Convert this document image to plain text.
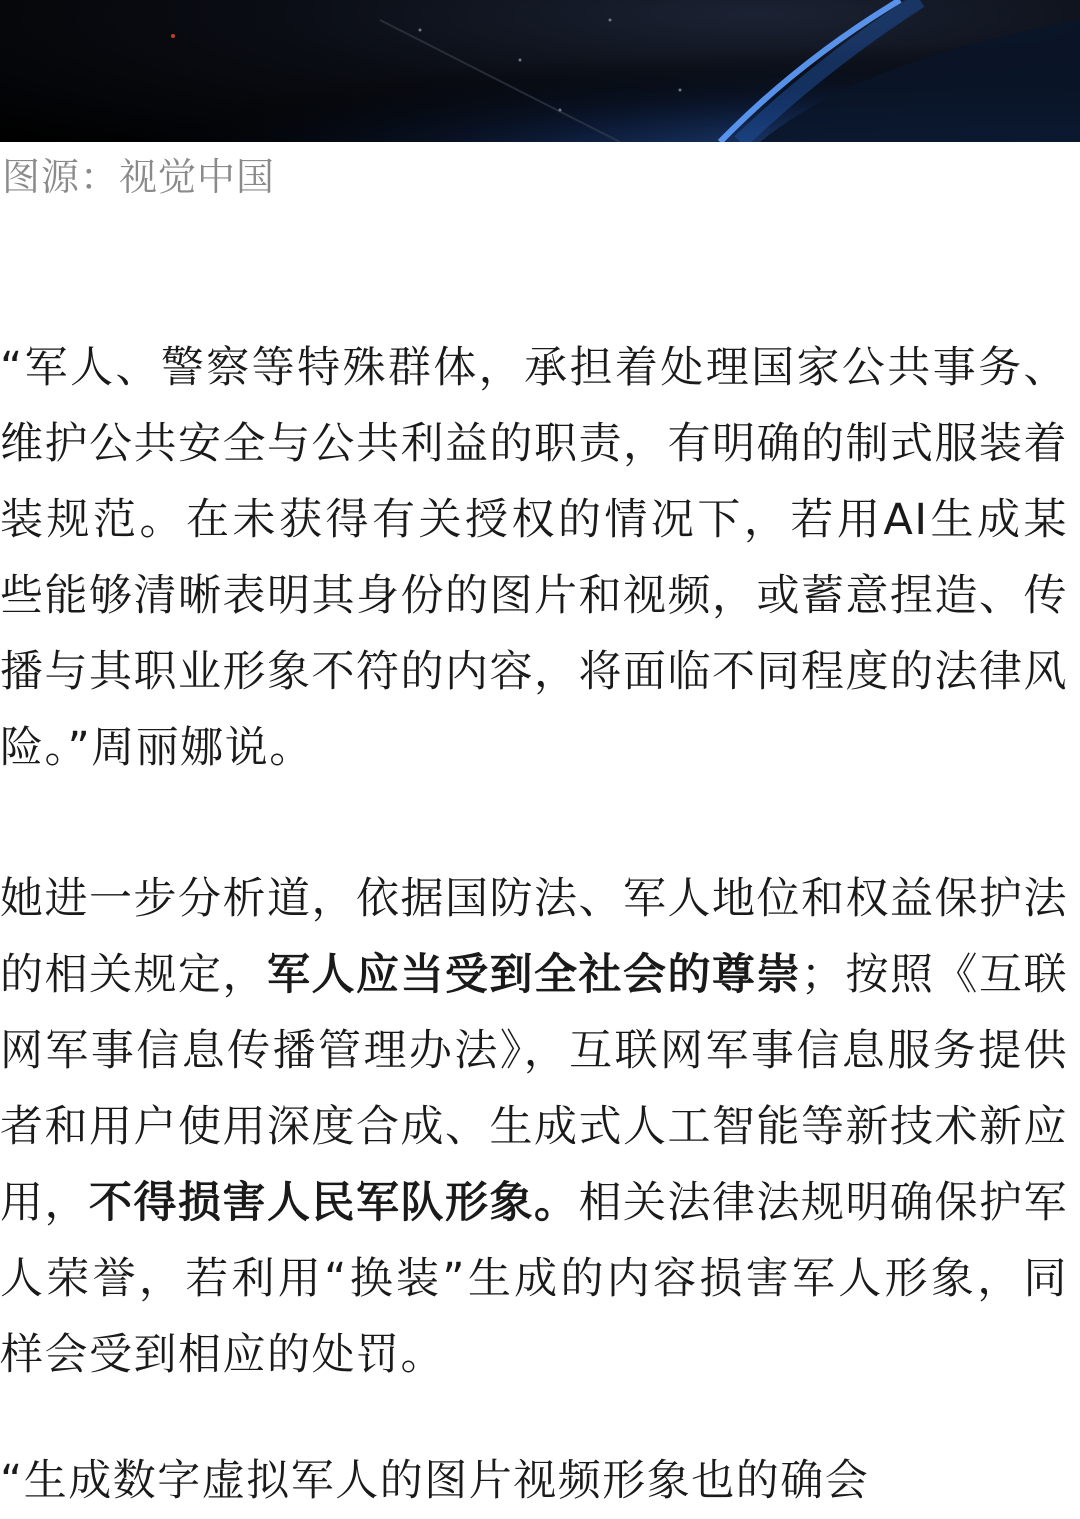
图源：视觉中国

“军人、警察等特殊群体，承担着处理国家公共事务、维护公共安全与公共利益的职责，有明确的制式服装着装规范。在未获得有关授权的情况下，若用AI生成某些能够清晰表明其身份的图片和视频，或蓄意捏造、传播与其职业形象不符的内容，将面临不同程度的法律风险。”周丽娜说。

她进一步分析道，依据国防法、军人地位和权益保护法的相关规定，军人应当受到全社会的尊崇；按照《互联网军事信息传播管理办法》，互联网军事信息服务提供者和用户使用深度合成、生成式人工智能等新技术新应用，不得损害人民军队形象。相关法律法规明确保护军人荣誉，若利用“换装”生成的内容损害军人形象，同样会受到相应的处罚。

“生成数字虚拟军人的图片视频形象也的确会
